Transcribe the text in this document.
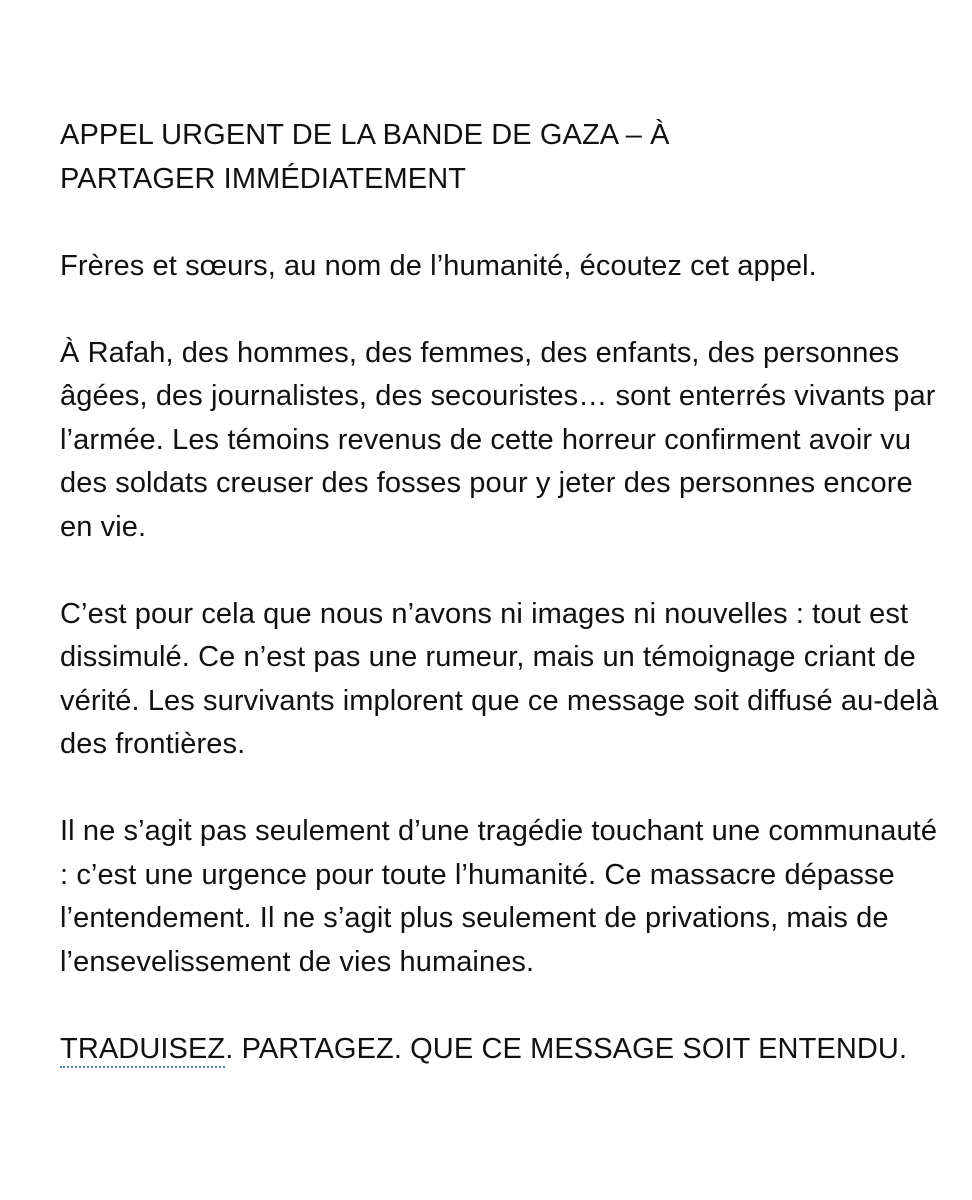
APPEL URGENT DE LA BANDE DE GAZA – À PARTAGER IMMÉDIATEMENT

Frères et sœurs, au nom de l’humanité, écoutez cet appel.

À Rafah, des hommes, des femmes, des enfants, des personnes âgées, des journalistes, des secouristes… sont enterrés vivants par l’armée. Les témoins revenus de cette horreur confirment avoir vu des soldats creuser des fosses pour y jeter des personnes encore en vie.

C’est pour cela que nous n’avons ni images ni nouvelles : tout est dissimulé. Ce n’est pas une rumeur, mais un témoignage criant de vérité. Les survivants implorent que ce message soit diffusé au-delà des frontières.

Il ne s’agit pas seulement d’une tragédie touchant une communauté : c’est une urgence pour toute l’humanité. Ce massacre dépasse l’entendement. Il ne s’agit plus seulement de privations, mais de l’ensevelissement de vies humaines.

TRADUISEZ. PARTAGEZ. QUE CE MESSAGE SOIT ENTENDU.
